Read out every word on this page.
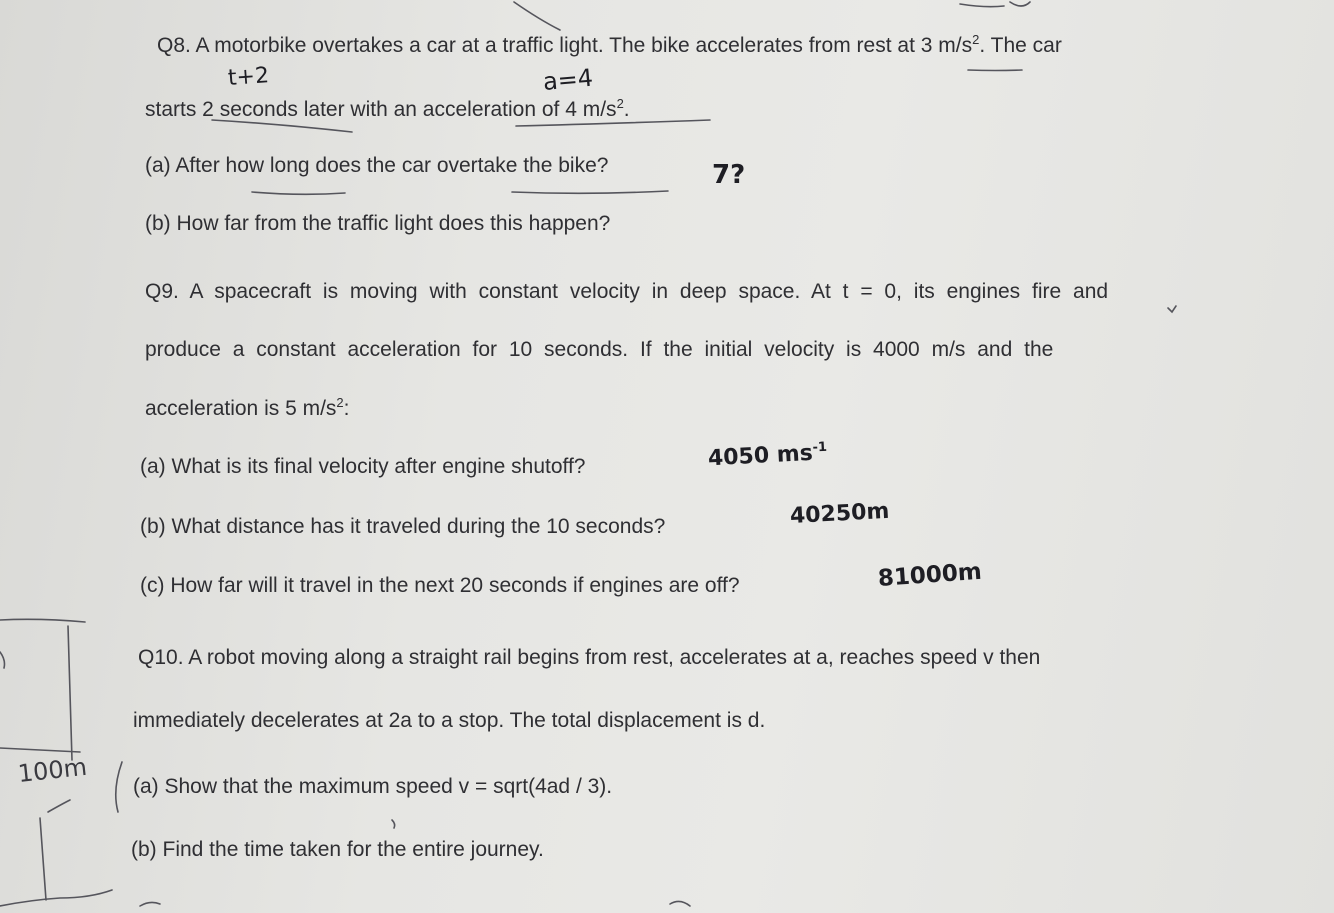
Q8. A motorbike overtakes a car at a traffic light. The bike accelerates from rest at 3 $m/s^2$. The car
starts 2 seconds later with an acceleration of 4 $m/s^2$.
(a) After how long does the car overtake the bike?
(b) How far from the traffic light does this happen?
Q9. A spacecraft is moving with constant velocity in deep space. At t = 0, its engines fire and
produce a constant acceleration for 10 seconds. If the initial velocity is 4000 m/s and the
acceleration is 5 $m/s^2$:
(a) What is its final velocity after engine shutoff?
(b) What distance has it traveled during the 10 seconds?
(c) How far will it travel in the next 20 seconds if engines are off?
Q10. A robot moving along a straight rail begins from rest, accelerates at a, reaches speed v then
immediately decelerates at 2a to a stop. The total displacement is d.
(a) Show that the maximum speed v = sqrt(4ad / 3).
(b) Find the time taken for the entire journey.
t+2	a=4
7?
4050 $ms^{-1}$
40250m
81000m
100m
